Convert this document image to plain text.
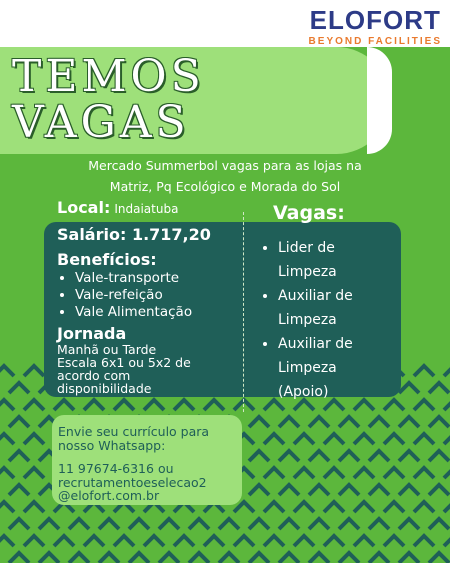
ELOFORT
BEYOND FACILITIES
TEMOS
VAGAS
Mercado Summerbol vagas para as lojas na
Matriz, Pq Ecológico e Morada do Sol
Local: Indaiatuba
Salário: 1.717,20
Benefícios:
• Vale-transporte
• Vale-refeição
• Vale Alimentação
Jornada
Manhã ou Tarde
Escala 6x1 ou 5x2 de
acordo com
disponibilidade
Vagas:
• Lider de
Limpeza
• Auxiliar de
Limpeza
• Auxiliar de
Limpeza
(Apoio)
Envie seu currículo para
nosso Whatsapp:
11 97674-6316 ou
recrutamentoeselecao2
@elofort.com.br
